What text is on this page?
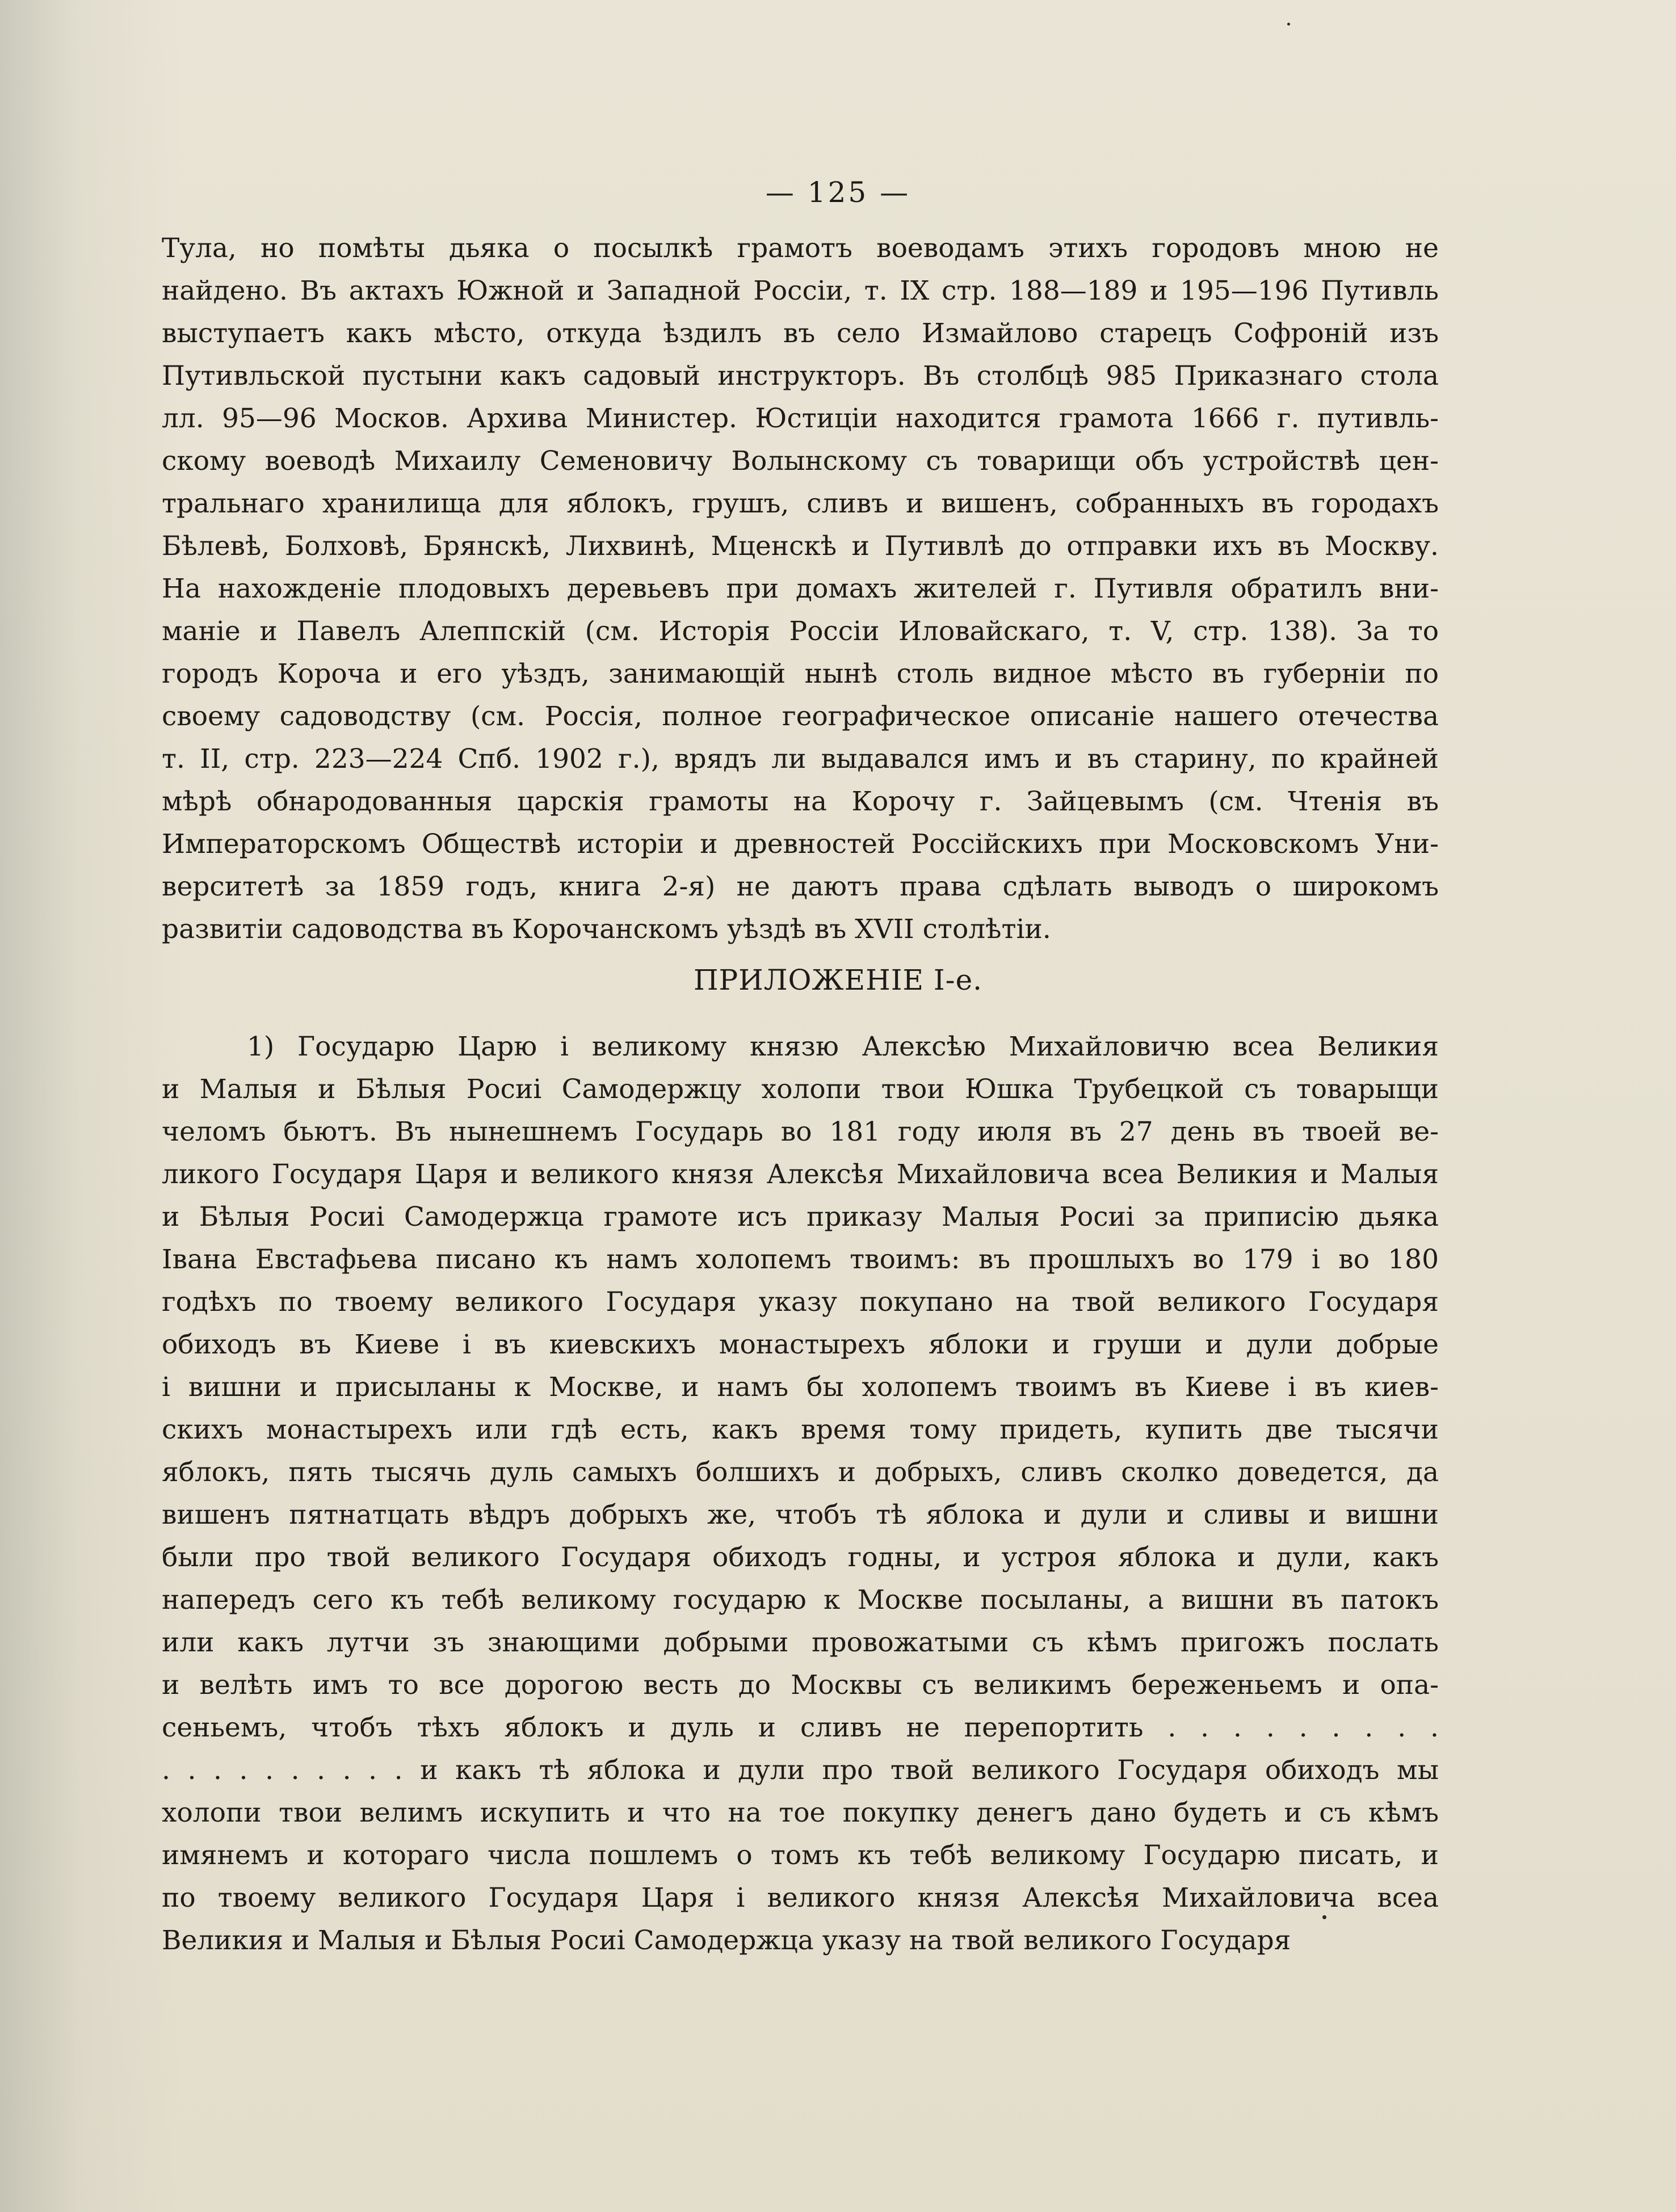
— 125 —
Тула, но помѣты дьяка о посылкѣ грамотъ воеводамъ этихъ городовъ мною не
найдено. Въ актахъ Южной и Западной Россіи, т. IX стр. 188—189 и 195—196 Путивль
выступаетъ какъ мѣсто, откуда ѣздилъ въ село Измайлово старецъ Софроній изъ
Путивльской пустыни какъ садовый инструкторъ. Въ столбцѣ 985 Приказнаго стола
лл. 95—96 Москов. Архива Министер. Юстиціи находится грамота 1666 г. путивль-
скому воеводѣ Михаилу Семеновичу Волынскому съ товарищи объ устройствѣ цен-
тральнаго хранилища для яблокъ, грушъ, сливъ и вишенъ, собранныхъ въ городахъ
Бѣлевѣ, Болховѣ, Брянскѣ, Лихвинѣ, Мценскѣ и Путивлѣ до отправки ихъ въ Москву.
На нахожденіе плодовыхъ деревьевъ при домахъ жителей г. Путивля обратилъ вни-
маніе и Павелъ Алеппскій (см. Исторія Россіи Иловайскаго, т. V, стр. 138). За то
городъ Короча и его уѣздъ, занимающій нынѣ столь видное мѣсто въ губерніи по
своему садоводству (см. Россія, полное географическое описаніе нашего отечества
т. II, стр. 223—224 Спб. 1902 г.), врядъ ли выдавался имъ и въ старину, по крайней
мѣрѣ обнародованныя царскія грамоты на Корочу г. Зайцевымъ (см. Чтенія въ
Императорскомъ Обществѣ исторіи и древностей Россійскихъ при Московскомъ Уни-
верситетѣ за 1859 годъ, книга 2-я) не даютъ права сдѣлать выводъ о широкомъ
развитіи садоводства въ Корочанскомъ уѣздѣ въ XVII столѣтіи.
ПРИЛОЖЕНІЕ I-е.
1) Государю Царю і великому князю Алексѣю Михайловичю всеа Великия
и Малыя и Бѣлыя Росиі Самодержцу холопи твои Юшка Трубецкой съ товарыщи
челомъ бьютъ. Въ нынешнемъ Государь во 181 году июля въ 27 день въ твоей ве-
ликого Государя Царя и великого князя Алексѣя Михайловича всеа Великия и Малыя
и Бѣлыя Росиі Самодержца грамоте исъ приказу Малыя Росиі за приписію дьяка
Івана Евстафьева писано къ намъ холопемъ твоимъ: въ прошлыхъ во 179 і во 180
годѣхъ по твоему великого Государя указу покупано на твой великого Государя
обиходъ въ Киеве і въ киевскихъ монастырехъ яблоки и груши и дули добрые
і вишни и присыланы к Москве, и намъ бы холопемъ твоимъ въ Киеве і въ киев-
скихъ монастырехъ или гдѣ есть, какъ время тому придеть, купить две тысячи
яблокъ, пять тысячь дуль самыхъ болшихъ и добрыхъ, сливъ сколко доведется, да
вишенъ пятнатцать вѣдръ добрыхъ же, чтобъ тѣ яблока и дули и сливы и вишни
были про твой великого Государя обиходъ годны, и устроя яблока и дули, какъ
напередъ сего къ тебѣ великому государю к Москве посыланы, а вишни въ патокъ
или какъ лутчи зъ знающими добрыми провожатыми съ кѣмъ пригожъ послать
и велѣть имъ то все дорогою весть до Москвы съ великимъ береженьемъ и опа-
сеньемъ, чтобъ тѣхъ яблокъ и дуль и сливъ не перепортить . . . . . . . . .
. . . . . . . . . . и какъ тѣ яблока и дули про твой великого Государя обиходъ мы
холопи твои велимъ искупить и что на тое покупку денегъ дано будеть и съ кѣмъ
имянемъ и котораго числа пошлемъ о томъ къ тебѣ великому Государю писать, и
по твоему великого Государя Царя і великого князя Алексѣя Михайловича всеа
Великия и Малыя и Бѣлыя Росиі Самодержца указу на твой великого Государя
